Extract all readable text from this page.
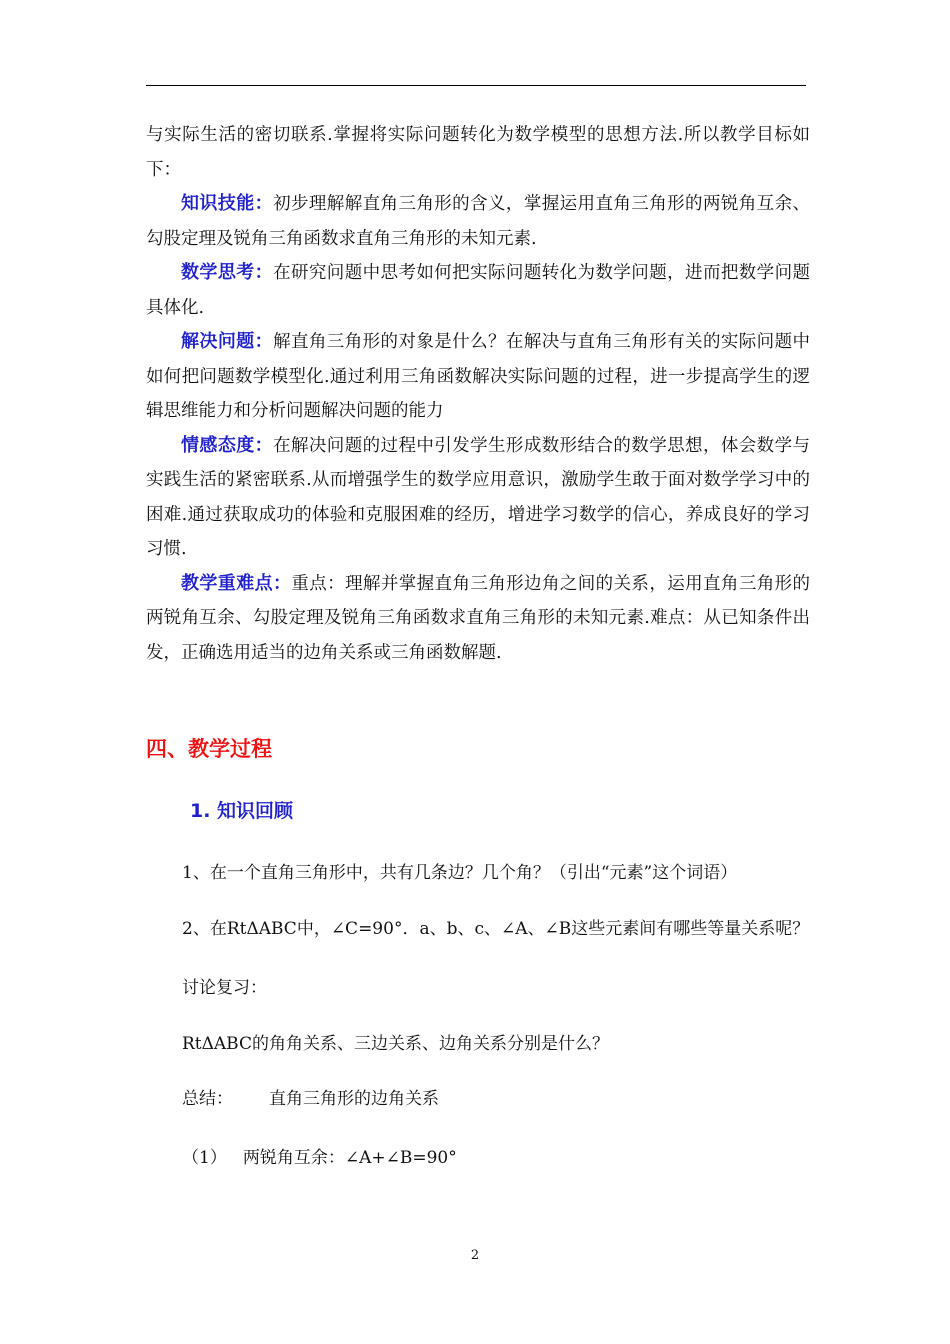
与实际生活的密切联系.掌握将实际问题转化为数学模型的思想方法.所以教学目标如下：

知识技能：初步理解解直角三角形的含义，掌握运用直角三角形的两锐角互余、勾股定理及锐角三角函数求直角三角形的未知元素.

数学思考：在研究问题中思考如何把实际问题转化为数学问题，进而把数学问题具体化.

解决问题：解直角三角形的对象是什么？在解决与直角三角形有关的实际问题中如何把问题数学模型化.通过利用三角函数解决实际问题的过程，进一步提高学生的逻辑思维能力和分析问题解决问题的能力

情感态度：在解决问题的过程中引发学生形成数形结合的数学思想，体会数学与实践生活的紧密联系.从而增强学生的数学应用意识，激励学生敢于面对数学学习中的困难.通过获取成功的体验和克服困难的经历，增进学习数学的信心，养成良好的学习习惯.

教学重难点：重点：理解并掌握直角三角形边角之间的关系，运用直角三角形的两锐角互余、勾股定理及锐角三角函数求直角三角形的未知元素.难点：从已知条件出发，正确选用适当的边角关系或三角函数解题.

四、教学过程
1. 知识回顾
1、在一个直角三角形中，共有几条边？几个角？（引出“元素”这个词语）
2、在RtΔABC中，∠C=90°．a、b、c、∠A、∠B这些元素间有哪些等量关系呢？
讨论复习：
RtΔABC的角角关系、三边关系、边角关系分别是什么？
总结： 直角三角形的边角关系
（1） 两锐角互余：∠A+∠B=90°
2
